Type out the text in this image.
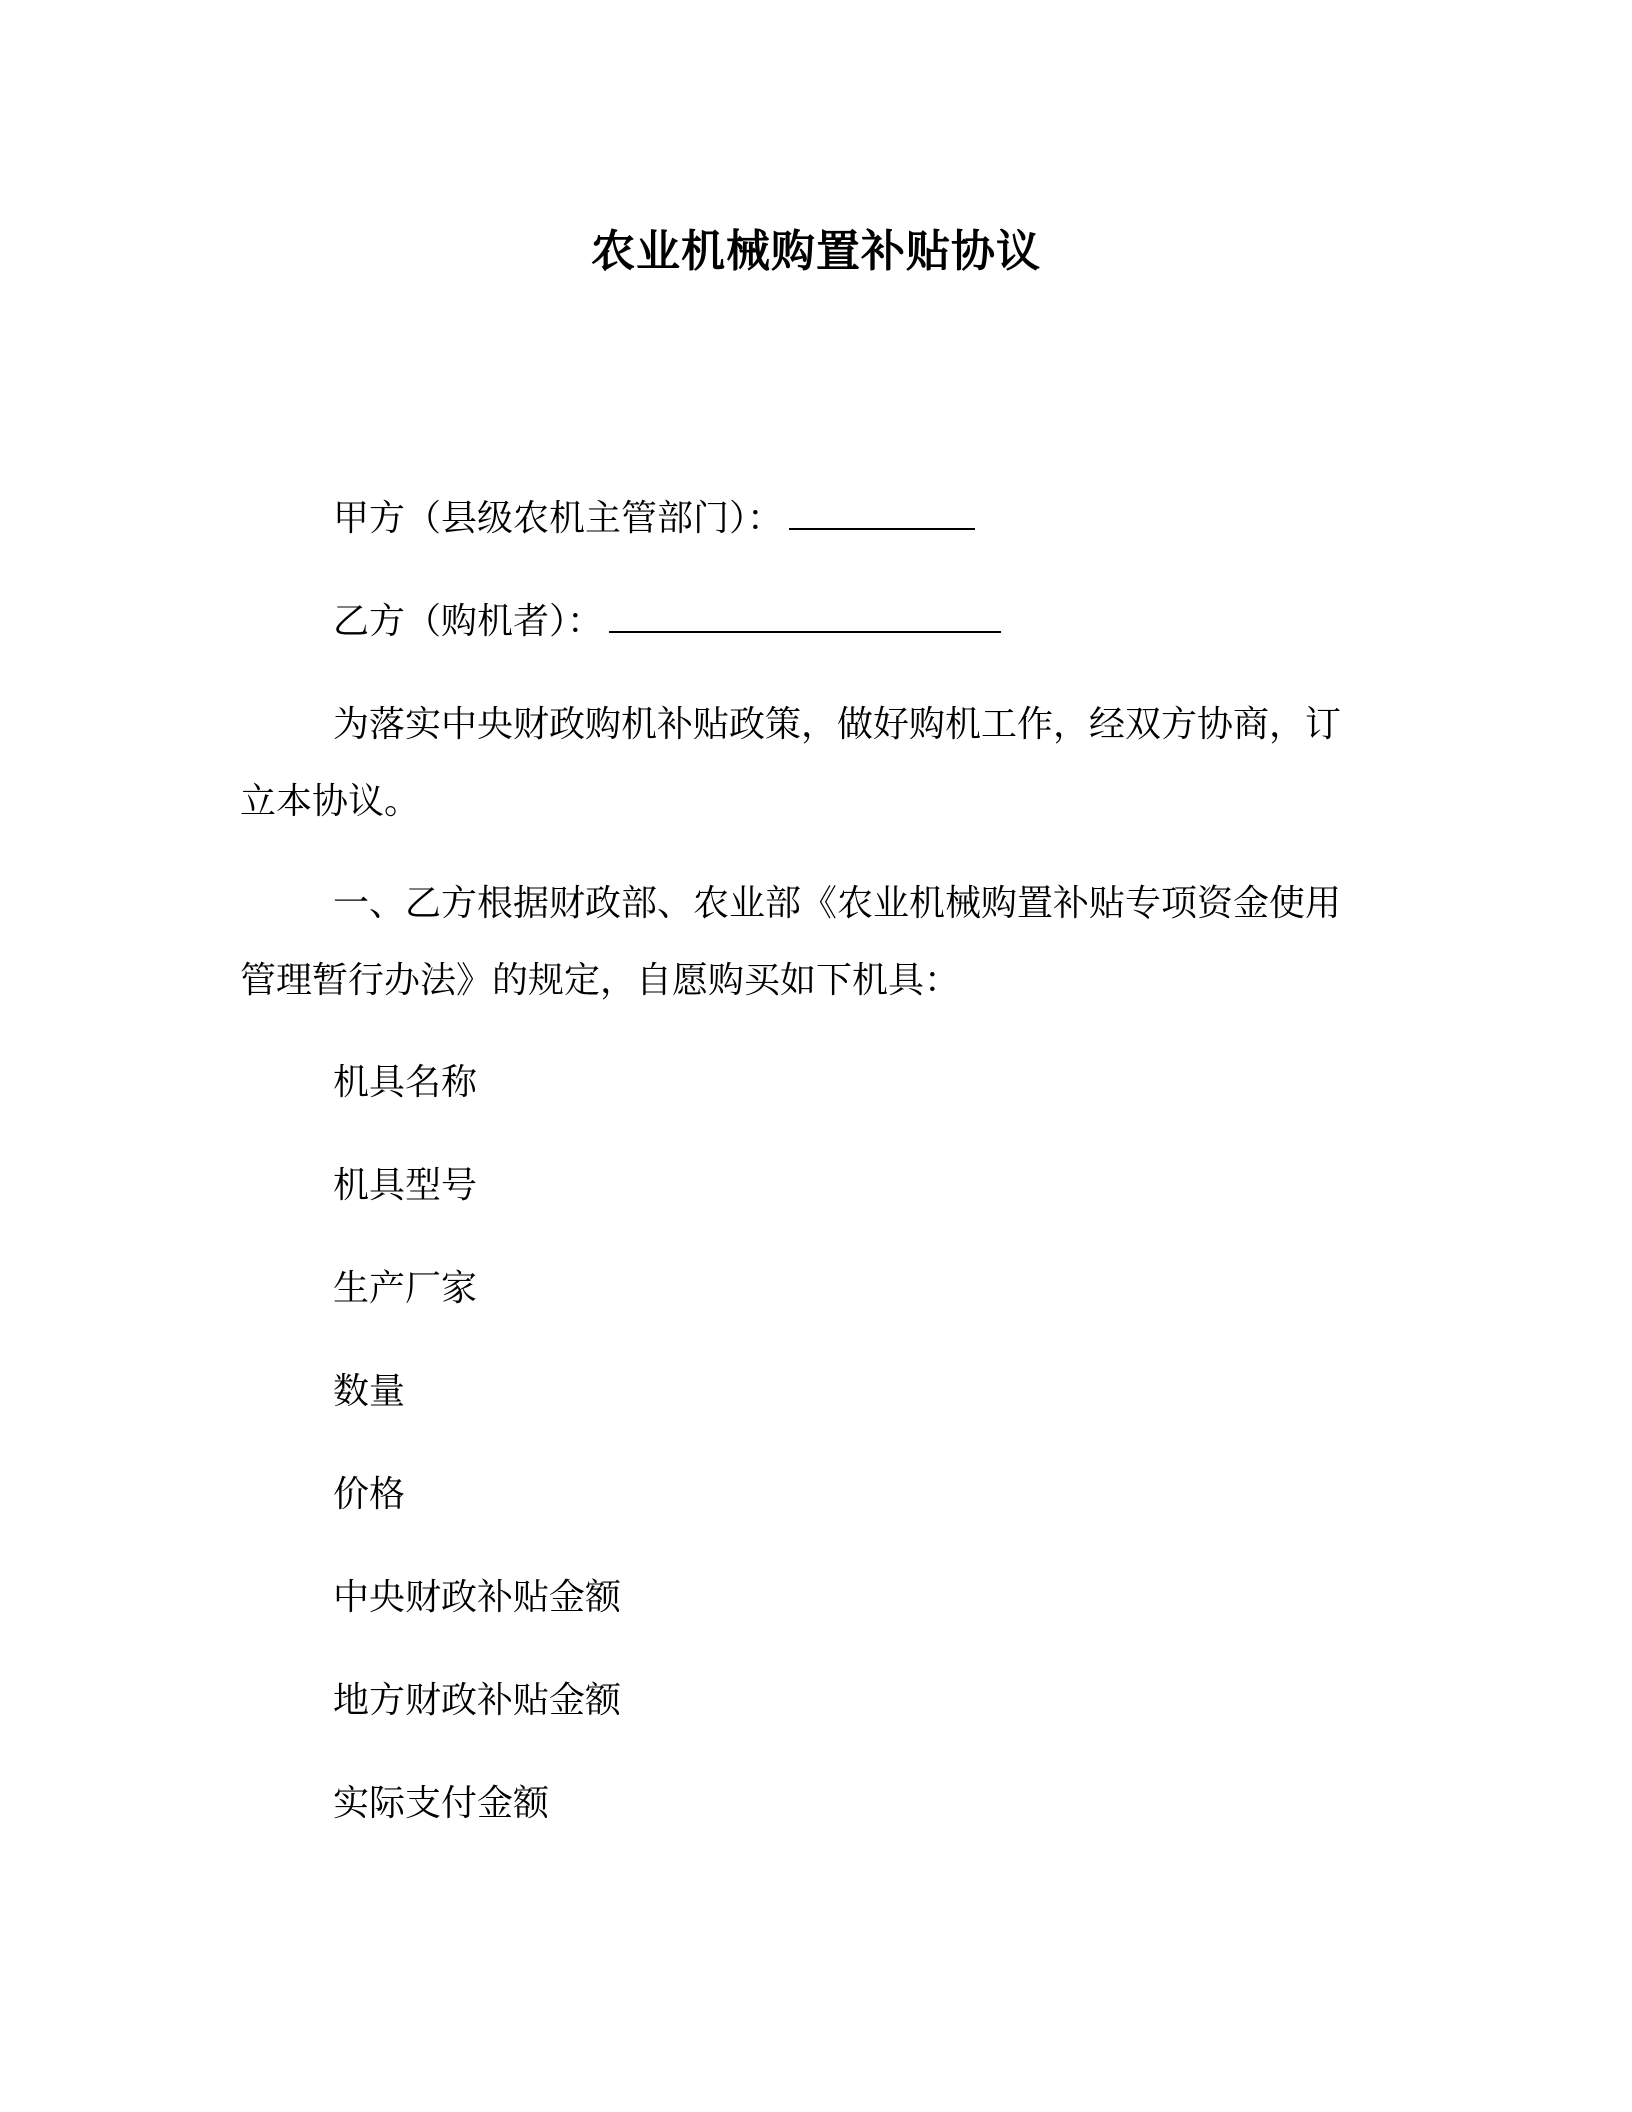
农业机械购置补贴协议
甲方（县级农机主管部门）：
乙方（购机者）：
为落实中央财政购机补贴政策，做好购机工作，经双方协商，订
立本协议。
一、乙方根据财政部、农业部《农业机械购置补贴专项资金使用
管理暂行办法》的规定，自愿购买如下机具：
机具名称
机具型号
生产厂家
数量
价格
中央财政补贴金额
地方财政补贴金额
实际支付金额
